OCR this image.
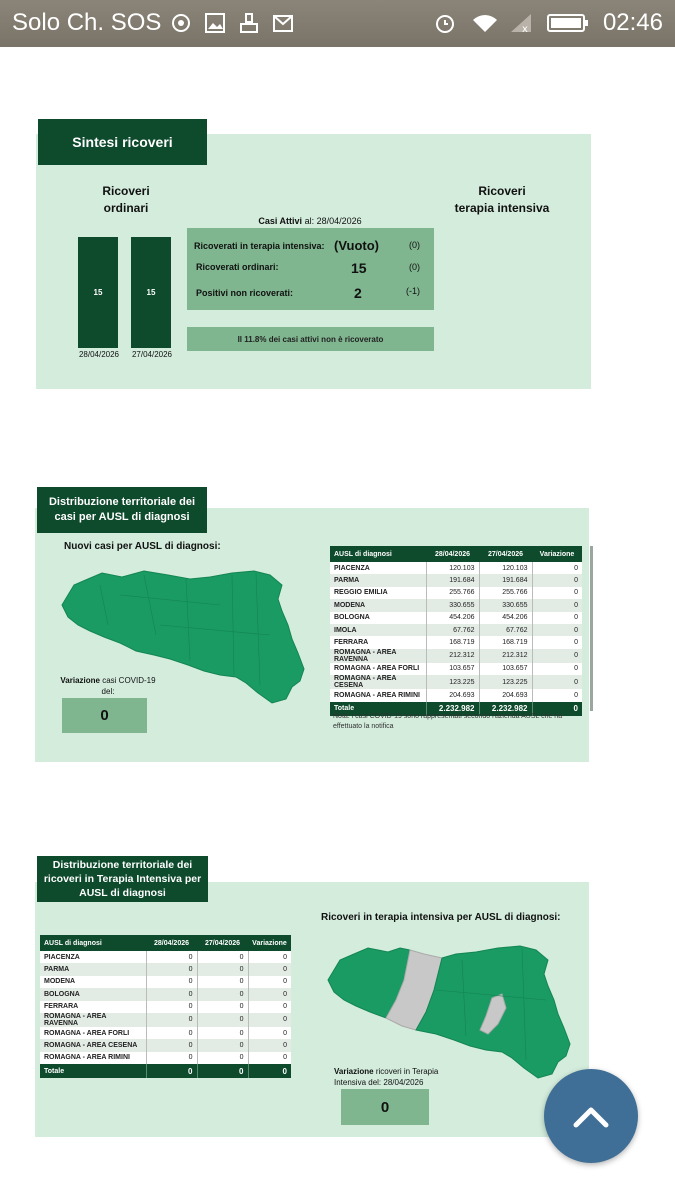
Solo Ch. SOS	x	02:46
Sintesi ricoveri
Ricoveri
ordinari
Ricoveri
terapia intensiva
15	15
28/04/2026	27/04/2026
Casi Attivi al: 28/04/2026
Ricoverati in terapia intensiva: (Vuoto)	(0)
Ricoverati ordinari:	15	(0)
Positivi non ricoverati:	2	(-1)
Il 11.8% dei casi attivi non è ricoverato
Distribuzione territoriale dei casi per AUSL di diagnosi
Nuovi casi per AUSL di diagnosi:
Variazione casi COVID-19 del:

0
AUSL di diagnosi	28/04/2026	27/04/2026	Variazione
PIACENZA	120.103	120.103	0
PARMA	191.684	191.684	0
REGGIO EMILIA	255.766	255.766	0
MODENA	330.655	330.655	0
BOLOGNA	454.206	454.206	0
IMOLA	67.762	67.762	0
FERRARA	168.719	168.719	0
ROMAGNA - AREA RAVENNA	212.312	212.312	0
ROMAGNA - AREA FORLI	103.657	103.657	0
ROMAGNA - AREA CESENA	123.225	123.225	0
ROMAGNA - AREA RIMINI	204.693	204.693	0
Totale	2.232.982	2.232.982	0
Nota: i casi COVID-19 sono rappresentati secondo l'azienda AUSL che ha effettuato la notifica
Distribuzione territoriale dei ricoveri in Terapia Intensiva per AUSL di diagnosi
AUSL di diagnosi	28/04/2026	27/04/2026	Variazione
PIACENZA	0	0	0
PARMA	0	0	0
MODENA	0	0	0
BOLOGNA	0	0	0
FERRARA	0	0	0
ROMAGNA - AREA RAVENNA	0	0	0
ROMAGNA - AREA FORLI	0	0	0
ROMAGNA - AREA CESENA	0	0	0
ROMAGNA - AREA RIMINI	0	0	0
Totale	0	0	0
Ricoveri in terapia intensiva per AUSL di diagnosi:
Variazione ricoveri in Terapia
Intensiva del: 28/04/2026
0
